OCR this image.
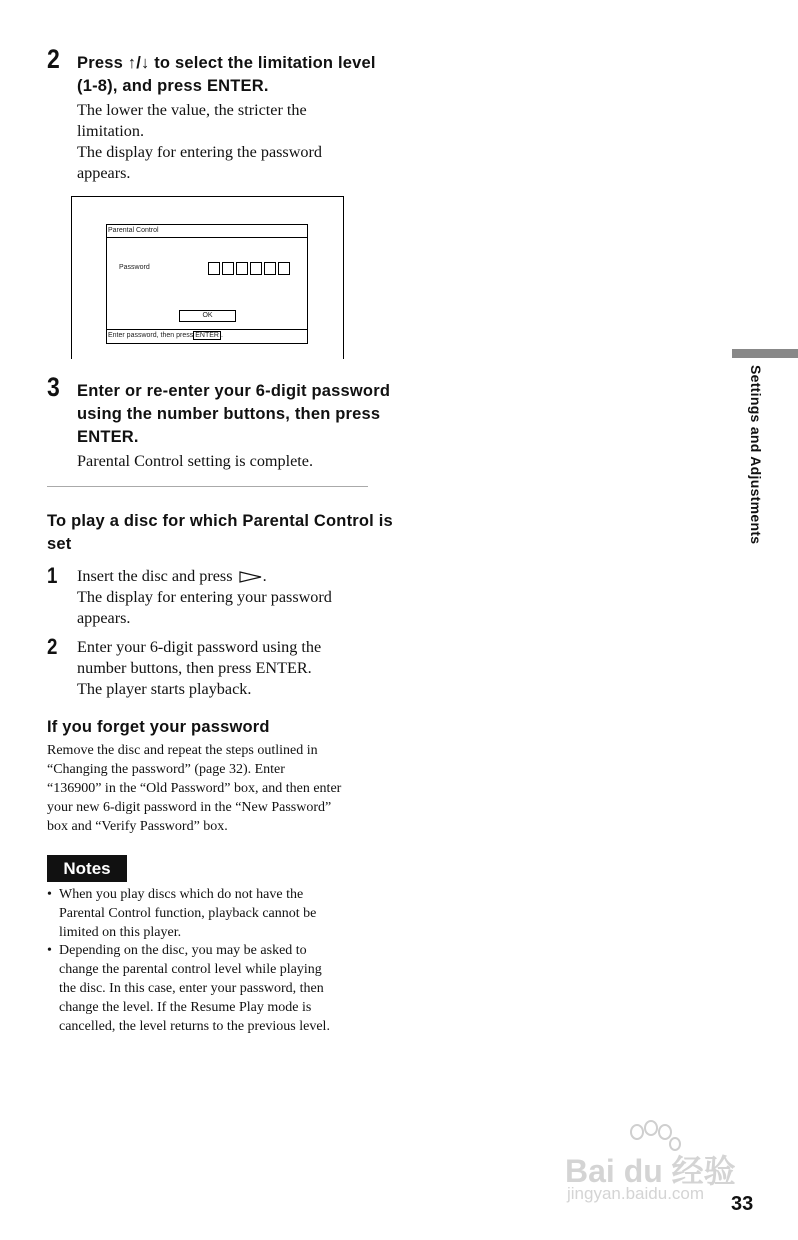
2 Press ↑/↓ to select the limitation level
(1-8), and press ENTER.
The lower the value, the stricter the
limitation.
The display for entering the password
appears.
Parental Control
Password
OK
Enter password, then press ENTER .
3 Enter or re-enter your 6-digit password
using the number buttons, then press
ENTER.
Parental Control setting is complete.
To play a disc for which Parental Control is
set
1 Insert the disc and press .
The display for entering your password
appears.
2 Enter your 6-digit password using the
number buttons, then press ENTER.
The player starts playback.
If you forget your password
Remove the disc and repeat the steps outlined in
“Changing the password” (page 32). Enter
“136900” in the “Old Password” box, and then enter
your new 6-digit password in the “New Password”
box and “Verify Password” box.
Notes
• When you play discs which do not have the
Parental Control function, playback cannot be
limited on this player.
• Depending on the disc, you may be asked to
change the parental control level while playing
the disc. In this case, enter your password, then
change the level. If the Resume Play mode is
cancelled, the level returns to the previous level.
Settings and Adjustments
Bai du 经验
jingyan.baidu.com 33
